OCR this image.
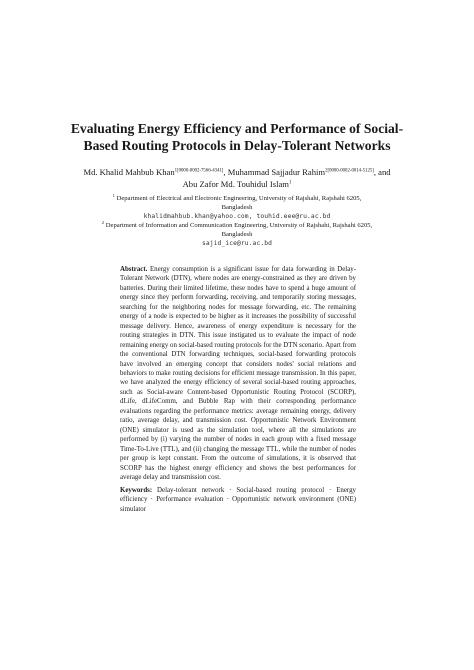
Evaluating Energy Efficiency and Performance of Social-Based Routing Protocols in Delay-Tolerant Networks
Md. Khalid Mahbub Khan$^{1[0000-0002-7566-4341]}$, Muhammad Sajjadur Rahim$^{2[0000-0002-0014-5125]}$, and Abu Zafor Md. Touhidul Islam$^1$
$^1$ Department of Electrical and Electronic Engineering, University of Rajshahi, Rajshahi 6205, Bangladesh
khalidmahbub.khan@yahoo.com, touhid.eee@ru.ac.bd
$^2$ Department of Information and Communication Engineering, University of Rajshahi, Rajshahi 6205, Bangladesh
sajid_ice@ru.ac.bd

Abstract. Energy consumption is a significant issue for data forwarding in Delay-Tolerant Network (DTN), where nodes are energy-constrained as they are driven by batteries. During their limited lifetime, these nodes have to spend a huge amount of energy since they perform forwarding, receiving, and temporarily storing messages, searching for the neighboring nodes for message forwarding, etc. The remaining energy of a node is expected to be higher as it increases the possibility of successful message delivery. Hence, awareness of energy expenditure is necessary for the routing strategies in DTN. This issue instigated us to evaluate the impact of node remaining energy on social-based routing protocols for the DTN scenario. Apart from the conventional DTN forwarding techniques, social-based forwarding protocols have involved an emerging concept that considers nodes' social relations and behaviors to make routing decisions for efficient message transmission. In this paper, we have analyzed the energy efficiency of several social-based routing approaches, such as Social-aware Content-based Opportunistic Routing Protocol (SCORP), dLife, dLifeComm, and Bubble Rap with their corresponding performance evaluations regarding the performance metrics: average remaining energy, delivery ratio, average delay, and transmission cost. Opportunistic Network Environment (ONE) simulator is used as the simulation tool, where all the simulations are performed by (i) varying the number of nodes in each group with a fixed message Time-To-Live (TTL), and (ii) changing the message TTL, while the number of nodes per group is kept constant. From the outcome of simulations, it is observed that SCORP has the highest energy efficiency and shows the best performances for average delay and transmission cost.

Keywords: Delay-tolerant network · Social-based routing protocol · Energy efficiency · Performance evaluation · Opportunistic network environment (ONE) simulator
